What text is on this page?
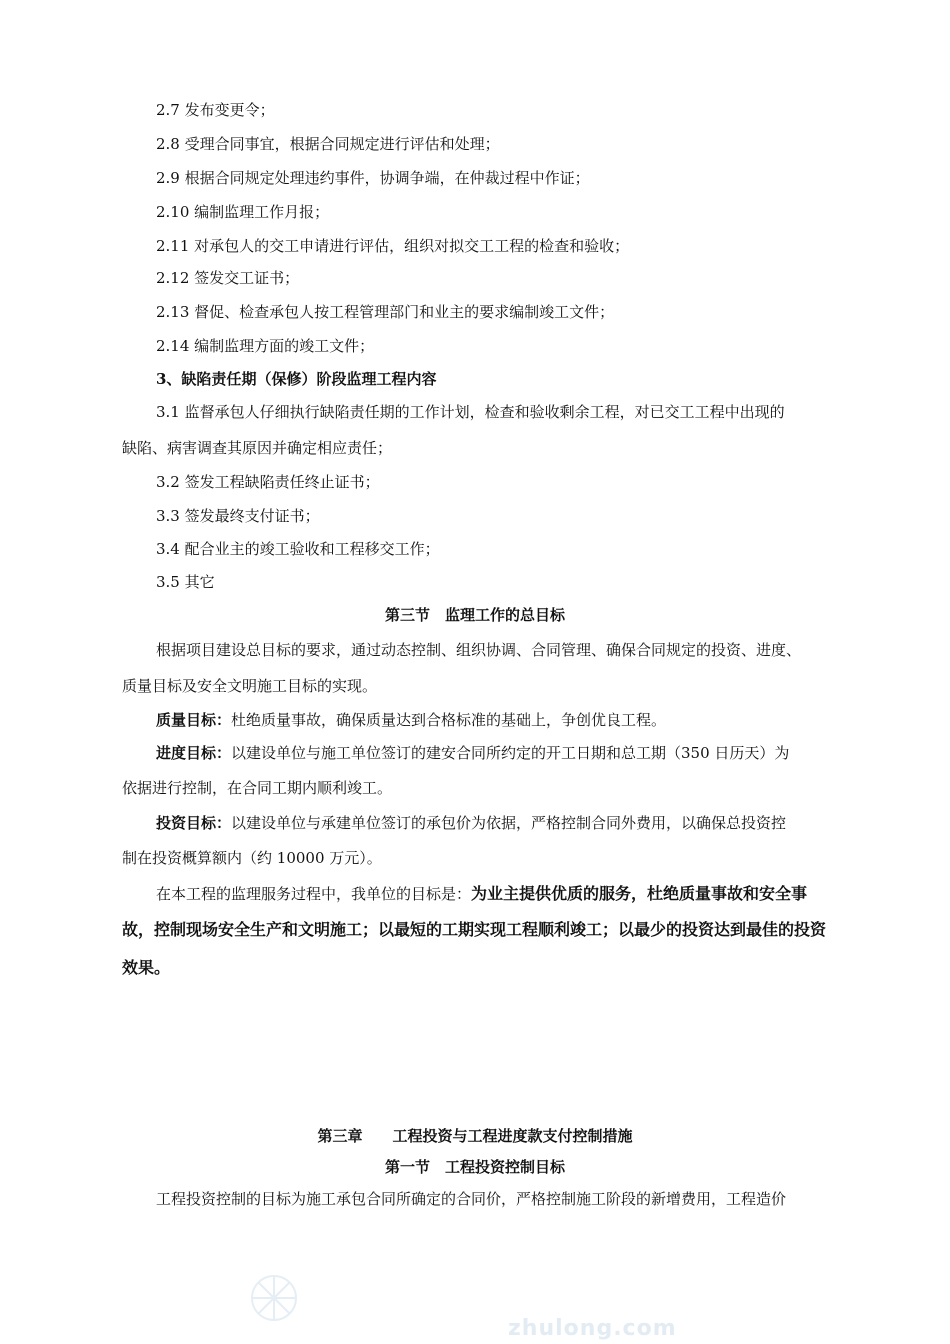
2.7 发布变更令；
2.8 受理合同事宜，根据合同规定进行评估和处理；
2.9 根据合同规定处理违约事件，协调争端，在仲裁过程中作证；
2.10 编制监理工作月报；
2.11 对承包人的交工申请进行评估，组织对拟交工工程的检查和验收；
2.12 签发交工证书；
2.13 督促、检查承包人按工程管理部门和业主的要求编制竣工文件；
2.14 编制监理方面的竣工文件；
3、缺陷责任期（保修）阶段监理工程内容
3.1 监督承包人仔细执行缺陷责任期的工作计划，检查和验收剩余工程，对已交工工程中出现的
缺陷、病害调查其原因并确定相应责任；
3.2 签发工程缺陷责任终止证书；
3.3 签发最终支付证书；
3.4 配合业主的竣工验收和工程移交工作；
3.5 其它
第三节　监理工作的总目标
根据项目建设总目标的要求，通过动态控制、组织协调、合同管理、确保合同规定的投资、进度、
质量目标及安全文明施工目标的实现。
质量目标：杜绝质量事故，确保质量达到合格标准的基础上，争创优良工程。
进度目标：以建设单位与施工单位签订的建安合同所约定的开工日期和总工期（350 日历天）为
依据进行控制，在合同工期内顺利竣工。
投资目标：以建设单位与承建单位签订的承包价为依据，严格控制合同外费用，以确保总投资控
制在投资概算额内（约 10000 万元）。
在本工程的监理服务过程中，我单位的目标是：为业主提供优质的服务，杜绝质量事故和安全事
故，控制现场安全生产和文明施工；以最短的工期实现工程顺利竣工；以最少的投资达到最佳的投资
效果。
第三章　　工程投资与工程进度款支付控制措施
第一节　工程投资控制目标
工程投资控制的目标为施工承包合同所确定的合同价，严格控制施工阶段的新增费用，工程造价
zhulong.com
